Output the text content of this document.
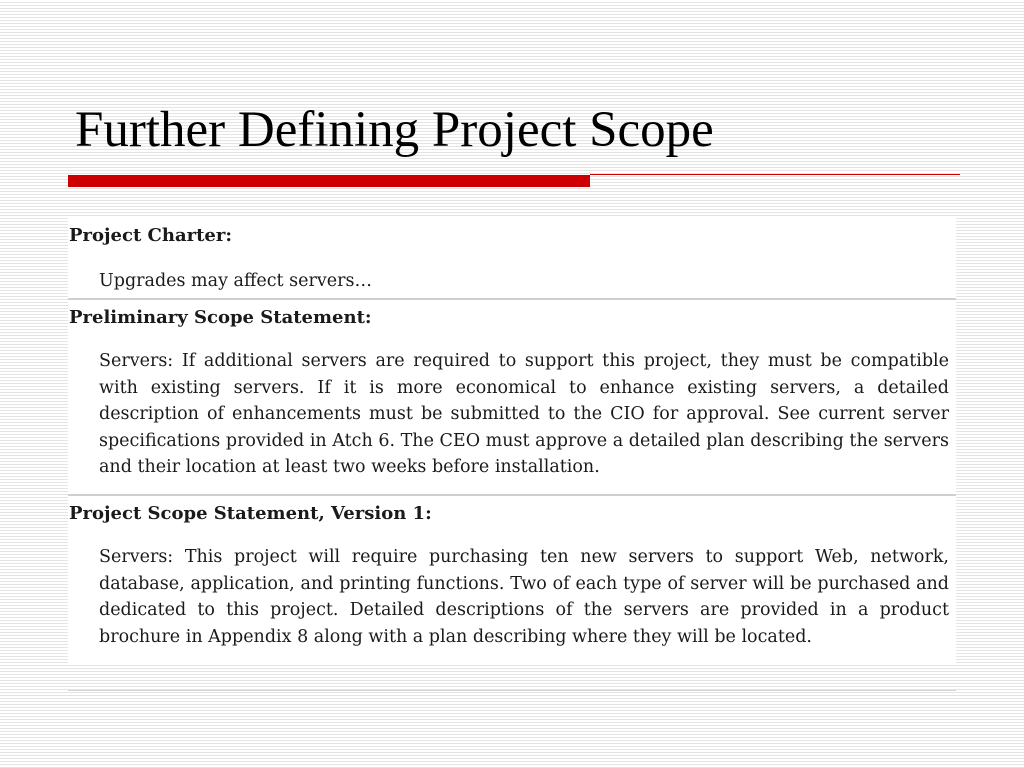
Further Defining Project Scope
Project Charter:
Upgrades may affect servers…
Preliminary Scope Statement:
Servers: If additional servers are required to support this project, they must be compatible with existing servers. If it is more economical to enhance existing servers, a detailed description of enhancements must be submitted to the CIO for approval. See current server specifications provided in Atch 6. The CEO must approve a detailed plan describing the servers and their location at least two weeks before installation.
Project Scope Statement, Version 1:
Servers: This project will require purchasing ten new servers to support Web, network, database, application, and printing functions. Two of each type of server will be purchased and dedicated to this project. Detailed descriptions of the servers are provided in a product brochure in Appendix 8 along with a plan describing where they will be located.
